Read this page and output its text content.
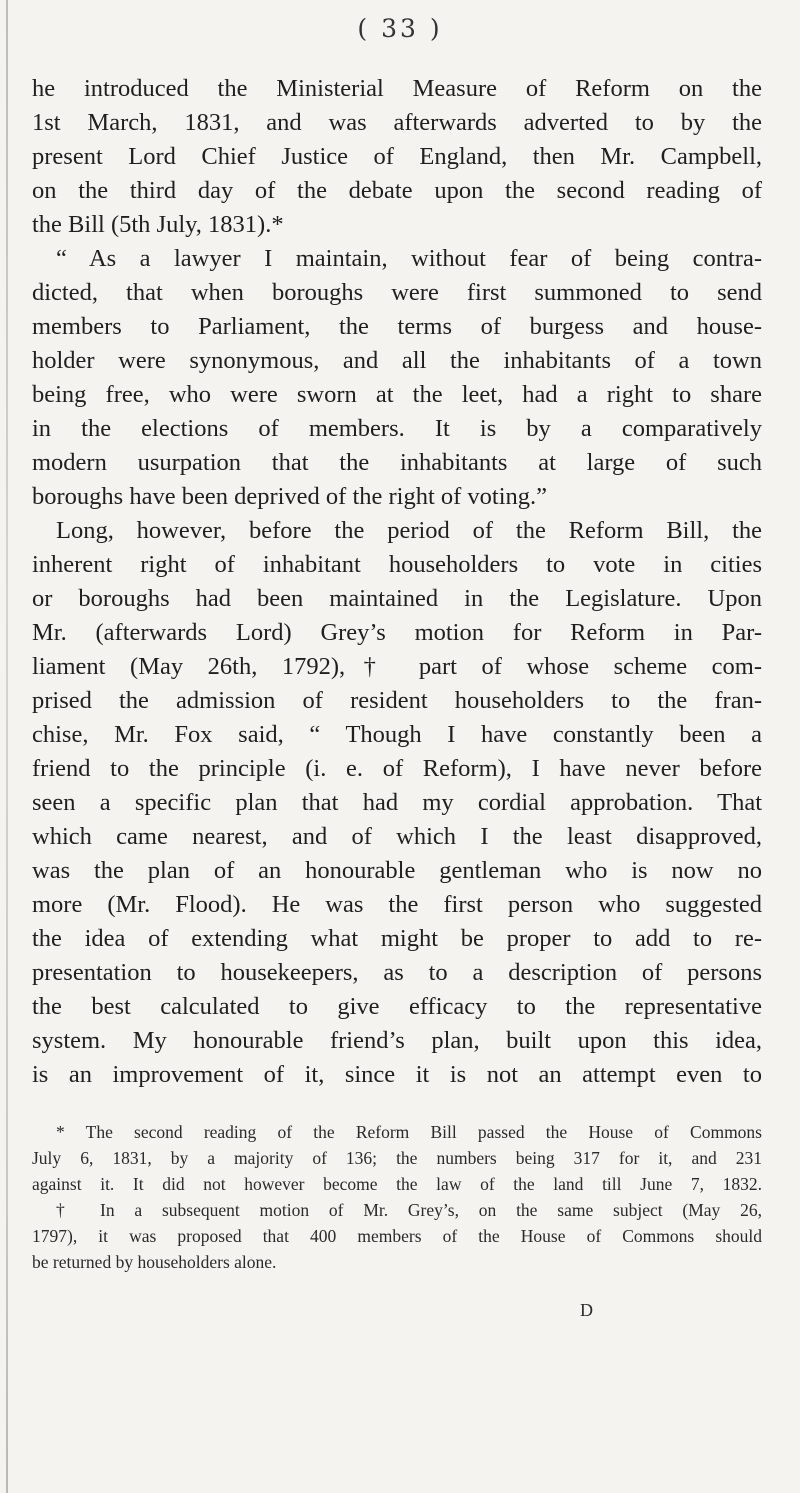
( 33 )
he introduced the Ministerial Measure of Reform on the
1st March, 1831, and was afterwards adverted to by the
present Lord Chief Justice of England, then Mr. Campbell,
on the third day of the debate upon the second reading of
the Bill (5th July, 1831).*
“ As a lawyer I maintain, without fear of being contra-
dicted, that when boroughs were first summoned to send
members to Parliament, the terms of burgess and house-
holder were synonymous, and all the inhabitants of a town
being free, who were sworn at the leet, had a right to share
in the elections of members. It is by a comparatively
modern usurpation that the inhabitants at large of such
boroughs have been deprived of the right of voting.”
Long, however, before the period of the Reform Bill, the
inherent right of inhabitant householders to vote in cities
or boroughs had been maintained in the Legislature. Upon
Mr. (afterwards Lord) Grey’s motion for Reform in Par-
liament (May 26th, 1792),† part of whose scheme com-
prised the admission of resident householders to the fran-
chise, Mr. Fox said, “ Though I have constantly been a
friend to the principle (i. e. of Reform), I have never before
seen a specific plan that had my cordial approbation. That
which came nearest, and of which I the least disapproved,
was the plan of an honourable gentleman who is now no
more (Mr. Flood). He was the first person who suggested
the idea of extending what might be proper to add to re-
presentation to housekeepers, as to a description of persons
the best calculated to give efficacy to the representative
system. My honourable friend’s plan, built upon this idea,
is an improvement of it, since it is not an attempt even to
* The second reading of the Reform Bill passed the House of Commons
July 6, 1831, by a majority of 136; the numbers being 317 for it, and 231
against it. It did not however become the law of the land till June 7, 1832.
† In a subsequent motion of Mr. Grey’s, on the same subject (May 26,
1797), it was proposed that 400 members of the House of Commons should
be returned by householders alone.
D
